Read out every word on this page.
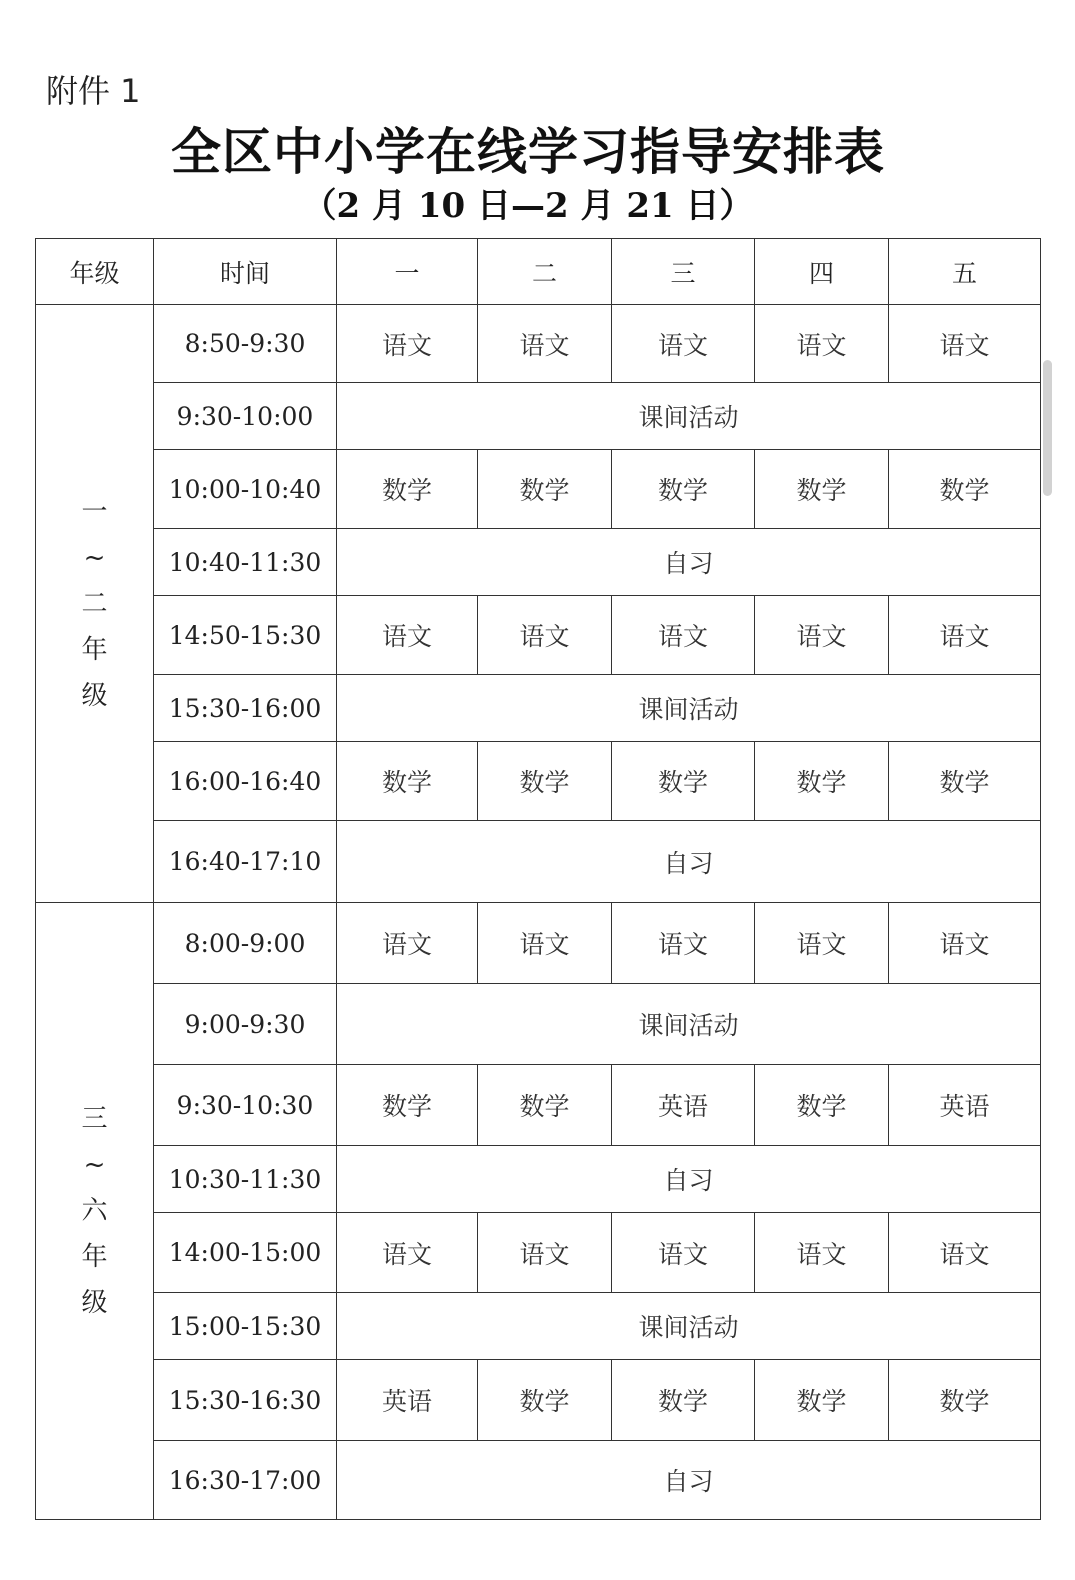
附件 1
全区中小学在线学习指导安排表
（2 月 10 日—2 月 21 日）
年级	时间	一	二	三	四	五

一
~
二
年
级	8:50-9:30	语文	语文	语文	语文	语文
	9:30-10:00	课间活动				
	10:00-10:40	数学	数学	数学	数学	数学
	10:40-11:30	自习				
	14:50-15:30	语文	语文	语文	语文	语文
	15:30-16:00	课间活动				
	16:00-16:40	数学	数学	数学	数学	数学
	16:40-17:10	自习				

三
~
六
年
级	8:00-9:00	语文	语文	语文	语文	语文
	9:00-9:30	课间活动				
	9:30-10:30	数学	数学	英语	数学	英语
	10:30-11:30	自习				
	14:00-15:00	语文	语文	语文	语文	语文
	15:00-15:30	课间活动				
	15:30-16:30	英语	数学	数学	数学	数学
	16:30-17:00	自习				
